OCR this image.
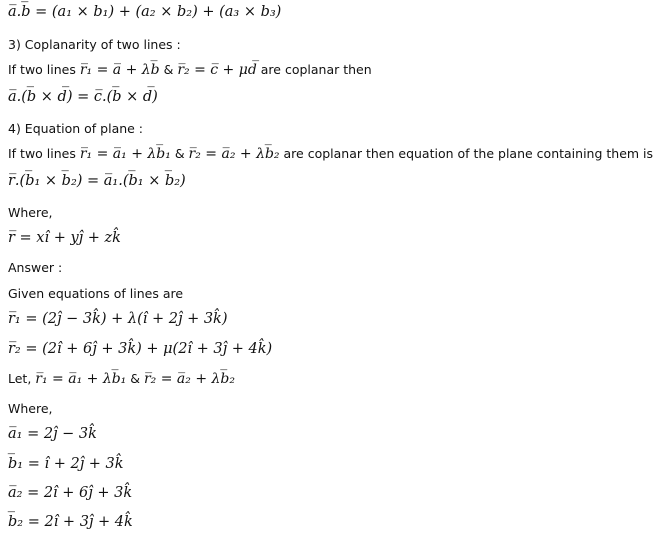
a̅.b̅ = (a₁ × b₁) + (a₂ × b₂) + (a₃ × b₃)
3) Coplanarity of two lines :
If two lines r̅₁ = a̅ + λb̅ & r̅₂ = c̅ + μd̅ are coplanar then
a̅.(b̅ × d̅) = c̅.(b̅ × d̅)
4) Equation of plane :
If two lines r̅₁ = a̅₁ + λb̅₁ & r̅₂ = a̅₂ + λb̅₂ are coplanar then equation of the plane containing them is
r̅.(b̅₁ × b̅₂) = a̅₁.(b̅₁ × b̅₂)
Where,
r̅ = xî + yĵ + zk̂
Answer :
Given equations of lines are
r̅₁ = (2ĵ − 3k̂) + λ(î + 2ĵ + 3k̂)
r̅₂ = (2î + 6ĵ + 3k̂) + μ(2î + 3ĵ + 4k̂)
Let, r̅₁ = a̅₁ + λb̅₁ & r̅₂ = a̅₂ + λb̅₂
Where,
a̅₁ = 2ĵ − 3k̂
b̅₁ = î + 2ĵ + 3k̂
a̅₂ = 2î + 6ĵ + 3k̂
b̅₂ = 2î + 3ĵ + 4k̂
